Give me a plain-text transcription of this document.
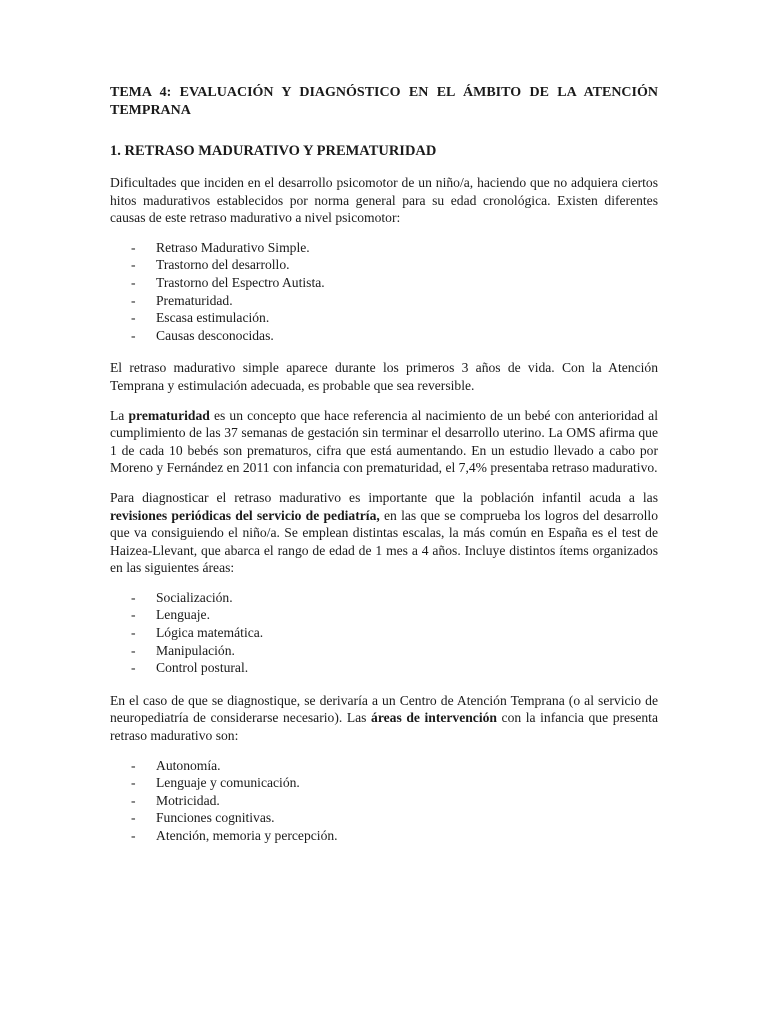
TEMA 4: EVALUACIÓN Y DIAGNÓSTICO EN EL ÁMBITO DE LA ATENCIÓN TEMPRANA
1. RETRASO MADURATIVO Y PREMATURIDAD

Dificultades que inciden en el desarrollo psicomotor de un niño/a, haciendo que no adquiera ciertos hitos madurativos establecidos por norma general para su edad cronológica. Existen diferentes causas de este retraso madurativo a nivel psicomotor:

- Retraso Madurativo Simple.
- Trastorno del desarrollo.
- Trastorno del Espectro Autista.
- Prematuridad.
- Escasa estimulación.
- Causas desconocidas.

El retraso madurativo simple aparece durante los primeros 3 años de vida. Con la Atención Temprana y estimulación adecuada, es probable que sea reversible.

La prematuridad es un concepto que hace referencia al nacimiento de un bebé con anterioridad al cumplimiento de las 37 semanas de gestación sin terminar el desarrollo uterino. La OMS afirma que 1 de cada 10 bebés son prematuros, cifra que está aumentando. En un estudio llevado a cabo por Moreno y Fernández en 2011 con infancia con prematuridad, el 7,4% presentaba retraso madurativo.

Para diagnosticar el retraso madurativo es importante que la población infantil acuda a las revisiones periódicas del servicio de pediatría, en las que se comprueba los logros del desarrollo que va consiguiendo el niño/a. Se emplean distintas escalas, la más común en España es el test de Haizea-Llevant, que abarca el rango de edad de 1 mes a 4 años. Incluye distintos ítems organizados en las siguientes áreas:

- Socialización.
- Lenguaje.
- Lógica matemática.
- Manipulación.
- Control postural.

En el caso de que se diagnostique, se derivaría a un Centro de Atención Temprana (o al servicio de neuropediatría de considerarse necesario). Las áreas de intervención con la infancia que presenta retraso madurativo son:

- Autonomía.
- Lenguaje y comunicación.
- Motricidad.
- Funciones cognitivas.
- Atención, memoria y percepción.
